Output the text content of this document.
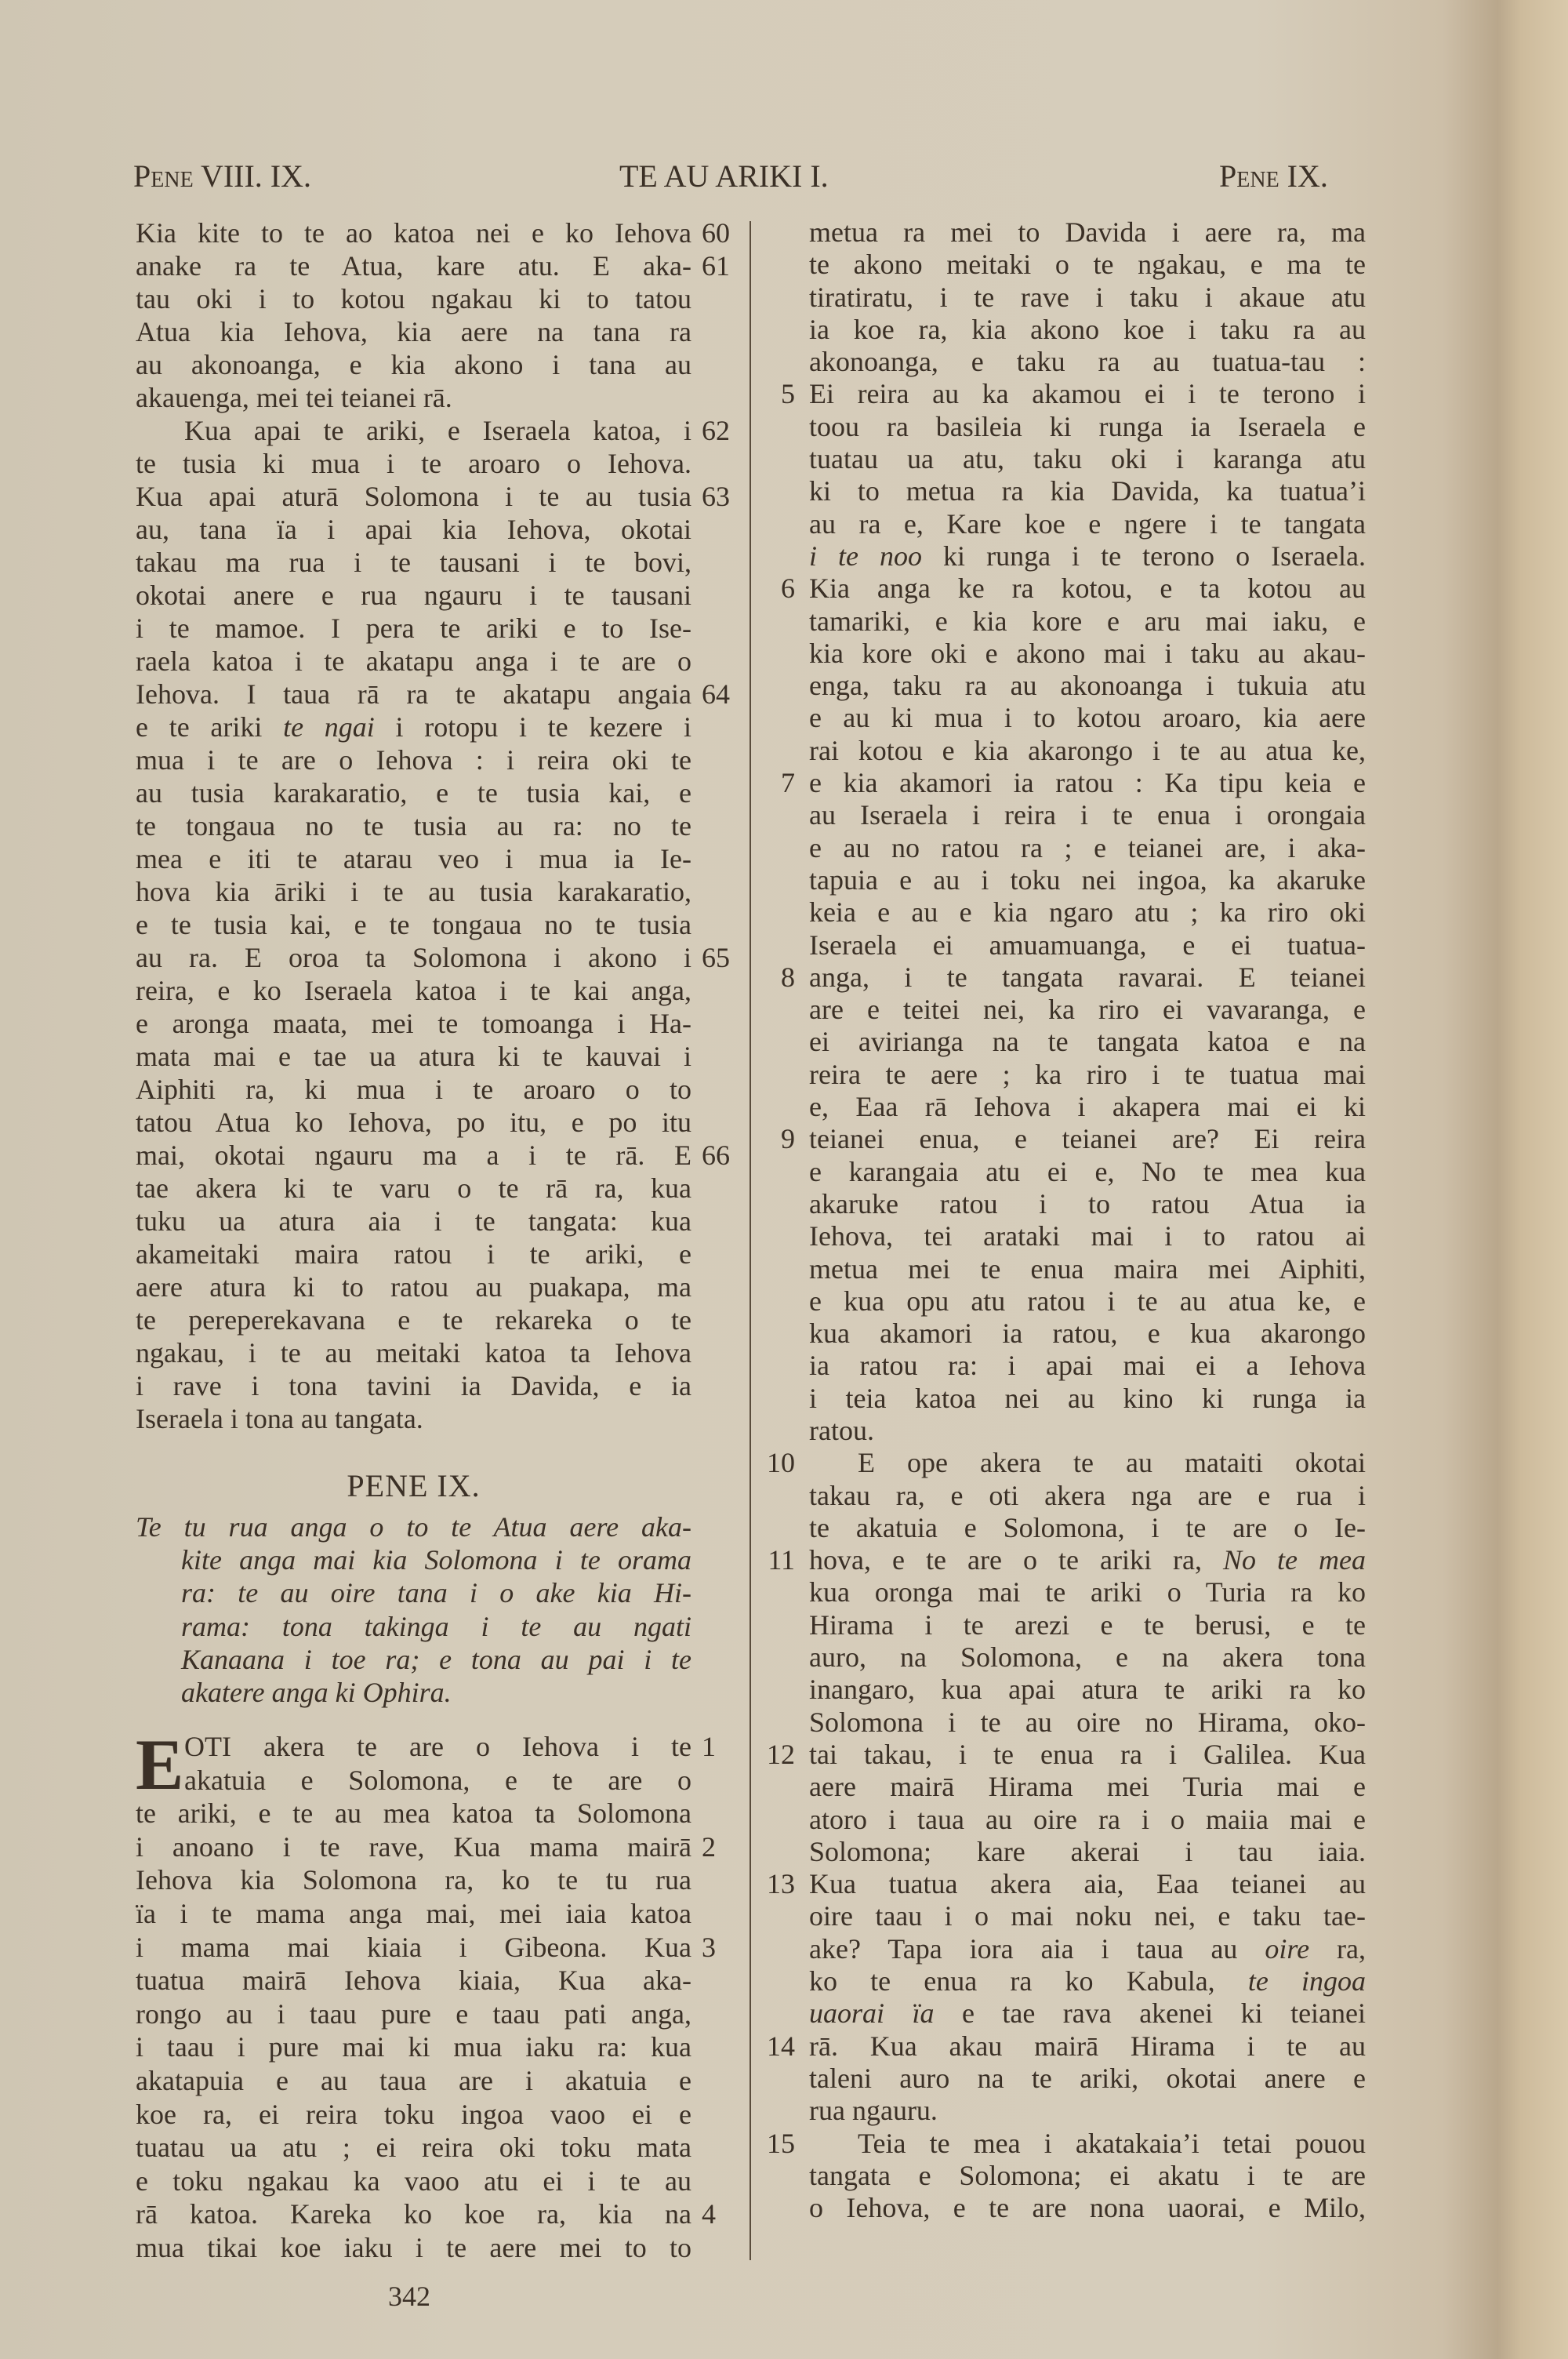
Pene VIII. IX.	TE AU ARIKI I.	Pene IX.
Kia kite to te ao katoa nei e ko Iehova 60
anake ra te Atua, kare atu. E aka- 61
tau oki i to kotou ngakau ki to tatou
Atua kia Iehova, kia aere na tana ra
au akonoanga, e kia akono i tana au
akauenga, mei tei teianei rā.
Kua apai te ariki, e Iseraela katoa, i 62
te tusia ki mua i te aroaro o Iehova.
Kua apai aturā Solomona i te au tusia 63
au, tana ïa i apai kia Iehova, okotai
takau ma rua i te tausani i te bovi,
okotai anere e rua ngauru i te tausani
i te mamoe. I pera te ariki e to Ise-
raela katoa i te akatapu anga i te are o
Iehova. I taua rā ra te akatapu angaia 64
e te ariki te ngai i rotopu i te kezere i
mua i te are o Iehova : i reira oki te
au tusia karakaratio, e te tusia kai, e
te tongaua no te tusia au ra: no te
mea e iti te atarau veo i mua ia Ie-
hova kia āriki i te au tusia karakaratio,
e te tusia kai, e te tongaua no te tusia
au ra. E oroa ta Solomona i akono i 65
reira, e ko Iseraela katoa i te kai anga,
e aronga maata, mei te tomoanga i Ha-
mata mai e tae ua atura ki te kauvai i
Aiphiti ra, ki mua i te aroaro o to
tatou Atua ko Iehova, po itu, e po itu
mai, okotai ngauru ma a i te rā. E 66
tae akera ki te varu o te rā ra, kua
tuku ua atura aia i te tangata: kua
akameitaki maira ratou i te ariki, e
aere atura ki to ratou au puakapa, ma
te pereperekavana e te rekareka o te
ngakau, i te au meitaki katoa ta Iehova
i rave i tona tavini ia Davida, e ia
Iseraela i tona au tangata.
PENE IX.
Te tu rua anga o to te Atua aere aka-
kite anga mai kia Solomona i te orama
ra: te au oire tana i o ake kia Hi-
rama: tona takinga i te au ngati
Kanaana i toe ra; e tona au pai i te
akatere anga ki Ophira.
E OTI akera te are o Iehova i te 1
akatuia e Solomona, e te are o
te ariki, e te au mea katoa ta Solomona
i anoano i te rave, Kua mama mairā 2
Iehova kia Solomona ra, ko te tu rua
ïa i te mama anga mai, mei iaia katoa
i mama mai kiaia i Gibeona. Kua 3
tuatua mairā Iehova kiaia, Kua aka-
rongo au i taau pure e taau pati anga,
i taau i pure mai ki mua iaku ra: kua
akatapuia e au taua are i akatuia e
koe ra, ei reira toku ingoa vaoo ei e
tuatau ua atu ; ei reira oki toku mata
e toku ngakau ka vaoo atu ei i te au
rā katoa. Kareka ko koe ra, kia na 4
mua tikai koe iaku i te aere mei to to
metua ra mei to Davida i aere ra, ma
te akono meitaki o te ngakau, e ma te
tiratiratu, i te rave i taku i akaue atu
ia koe ra, kia akono koe i taku ra au
akonoanga, e taku ra au tuatua-tau :
Ei reira au ka akamou ei i te terono i
5
toou ra basileia ki runga ia Iseraela e
tuatau ua atu, taku oki i karanga atu
ki to metua ra kia Davida, ka tuatua’i
au ra e, Kare koe e ngere i te tangata
i te noo ki runga i te terono o Iseraela.
Kia anga ke ra kotou, e ta kotou au
6
tamariki, e kia kore e aru mai iaku, e
kia kore oki e akono mai i taku au akau-
enga, taku ra au akonoanga i tukuia atu
e au ki mua i to kotou aroaro, kia aere
rai kotou e kia akarongo i te au atua ke,
e kia akamori ia ratou : Ka tipu keia e
7
au Iseraela i reira i te enua i orongaia
e au no ratou ra ; e teianei are, i aka-
tapuia e au i toku nei ingoa, ka akaruke
keia e au e kia ngaro atu ; ka riro oki
Iseraela ei amuamuanga, e ei tuatua-
anga, i te tangata ravarai. E teianei
8
are e teitei nei, ka riro ei vavaranga, e
ei avirianga na te tangata katoa e na
reira te aere ; ka riro i te tuatua mai
e, Eaa rā Iehova i akapera mai ei ki
teianei enua, e teianei are? Ei reira
9
e karangaia atu ei e, No te mea kua
akaruke ratou i to ratou Atua ia
Iehova, tei arataki mai i to ratou ai
metua mei te enua maira mei Aiphiti,
e kua opu atu ratou i te au atua ke, e
kua akamori ia ratou, e kua akarongo
ia ratou ra: i apai mai ei a Iehova
i teia katoa nei au kino ki runga ia
ratou.
E ope akera te au mataiti okotai
10
takau ra, e oti akera nga are e rua i
te akatuia e Solomona, i te are o Ie-
hova, e te are o te ariki ra, No te mea
11
kua oronga mai te ariki o Turia ra ko
Hirama i te arezi e te berusi, e te
auro, na Solomona, e na akera tona
inangaro, kua apai atura te ariki ra ko
Solomona i te au oire no Hirama, oko-
tai takau, i te enua ra i Galilea. Kua
12
aere mairā Hirama mei Turia mai e
atoro i taua au oire ra i o maiia mai e
Solomona; kare akerai i tau iaia.
Kua tuatua akera aia, Eaa teianei au
13
oire taau i o mai noku nei, e taku tae-
ake? Tapa iora aia i taua au oire ra,
ko te enua ra ko Kabula, te ingoa
uaorai ïa e tae rava akenei ki teianei
rā. Kua akau mairā Hirama i te au
14
taleni auro na te ariki, okotai anere e
rua ngauru.
Teia te mea i akatakaia’i tetai pouou
15
tangata e Solomona; ei akatu i te are
o Iehova, e te are nona uaorai, e Milo,
342
